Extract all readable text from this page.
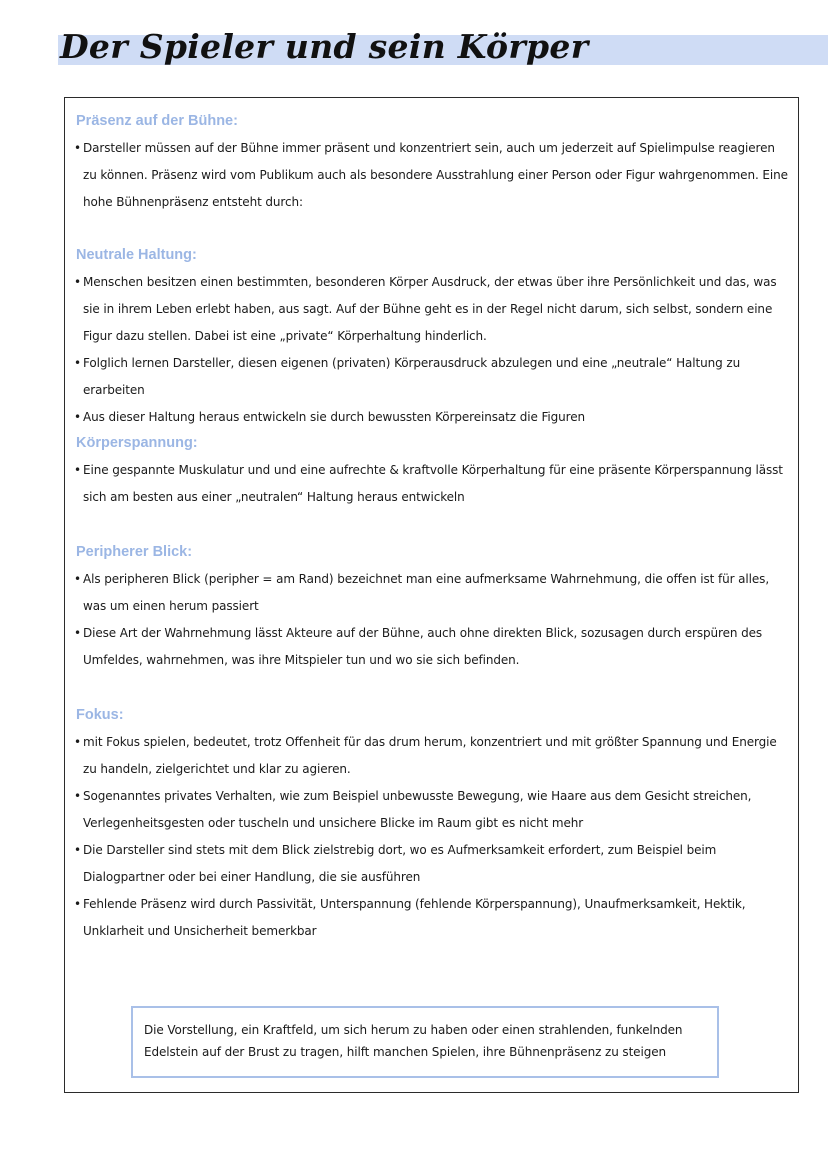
Der Spieler und sein Körper
Präsenz auf der Bühne:
• Darsteller müssen auf der Bühne immer präsent und konzentriert sein, auch um jederzeit auf Spielimpulse reagieren zu können. Präsenz wird vom Publikum auch als besondere Ausstrahlung einer Person oder Figur wahrgenommen. Eine hohe Bühnenpräsenz entsteht durch:
Neutrale Haltung:
• Menschen besitzen einen bestimmten, besonderen Körper Ausdruck, der etwas über ihre Persönlichkeit und das, was sie in ihrem Leben erlebt haben, aus sagt. Auf der Bühne geht es in der Regel nicht darum, sich selbst, sondern eine Figur dazu stellen. Dabei ist eine „private“ Körperhaltung hinderlich.
• Folglich lernen Darsteller, diesen eigenen (privaten) Körperausdruck abzulegen und eine „neutrale“ Haltung zu erarbeiten
• Aus dieser Haltung heraus entwickeln sie durch bewussten Körpereinsatz die Figuren
Körperspannung:
• Eine gespannte Muskulatur und und eine aufrechte & kraftvolle Körperhaltung für eine präsente Körperspannung lässt sich am besten aus einer „neutralen“ Haltung heraus entwickeln
Peripherer Blick:
• Als peripheren Blick (peripher = am Rand) bezeichnet man eine aufmerksame Wahrnehmung, die offen ist für alles, was um einen herum passiert
• Diese Art der Wahrnehmung lässt Akteure auf der Bühne, auch ohne direkten Blick, sozusagen durch erspüren des Umfeldes, wahrnehmen, was ihre Mitspieler tun und wo sie sich befinden.
Fokus:
• mit Fokus spielen, bedeutet, trotz Offenheit für das drum herum, konzentriert und mit größter Spannung und Energie zu handeln, zielgerichtet und klar zu agieren.
• Sogenanntes privates Verhalten, wie zum Beispiel unbewusste Bewegung, wie Haare aus dem Gesicht streichen, Verlegenheitsgesten oder tuscheln und unsichere Blicke im Raum gibt es nicht mehr
• Die Darsteller sind stets mit dem Blick zielstrebig dort, wo es Aufmerksamkeit erfordert, zum Beispiel beim Dialogpartner oder bei einer Handlung, die sie ausführen
• Fehlende Präsenz wird durch Passivität, Unterspannung (fehlende Körperspannung), Unaufmerksamkeit, Hektik, Unklarheit und Unsicherheit bemerkbar

Die Vorstellung, ein Kraftfeld, um sich herum zu haben oder einen strahlenden, funkelnden Edelstein auf der Brust zu tragen, hilft manchen Spielen, ihre Bühnenpräsenz zu steigen
